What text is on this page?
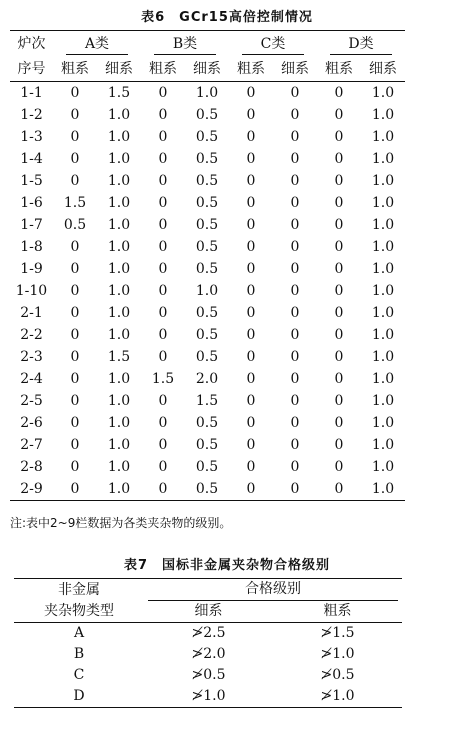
表6　GCr15高倍控制情况
炉次	A类		B类		C类		D类	
序号	粗系	细系	粗系	细系	粗系	细系	粗系	细系
1-1	0	1.5	0	1.0	0	0	0	1.0
1-2	0	1.0	0	0.5	0	0	0	1.0
1-3	0	1.0	0	0.5	0	0	0	1.0
1-4	0	1.0	0	0.5	0	0	0	1.0
1-5	0	1.0	0	0.5	0	0	0	1.0
1-6	1.5	1.0	0	0.5	0	0	0	1.0
1-7	0.5	1.0	0	0.5	0	0	0	1.0
1-8	0	1.0	0	0.5	0	0	0	1.0
1-9	0	1.0	0	0.5	0	0	0	1.0
1-10	0	1.0	0	1.0	0	0	0	1.0
2-1	0	1.0	0	0.5	0	0	0	1.0
2-2	0	1.0	0	0.5	0	0	0	1.0
2-3	0	1.5	0	0.5	0	0	0	1.0
2-4	0	1.0	1.5	2.0	0	0	0	1.0
2-5	0	1.0	0	1.5	0	0	0	1.0
2-6	0	1.0	0	0.5	0	0	0	1.0
2-7	0	1.0	0	0.5	0	0	0	1.0
2-8	0	1.0	0	0.5	0	0	0	1.0
2-9	0	1.0	0	0.5	0	0	0	1.0
注:表中2~9栏数据为各类夹杂物的级别。
表7　国标非金属夹杂物合格级别
非金属	合格级别	
夹杂物类型	细系	粗系
A	≯2.5	≯1.5
B	≯2.0	≯1.0
C	≯0.5	≯0.5
D	≯1.0	≯1.0
